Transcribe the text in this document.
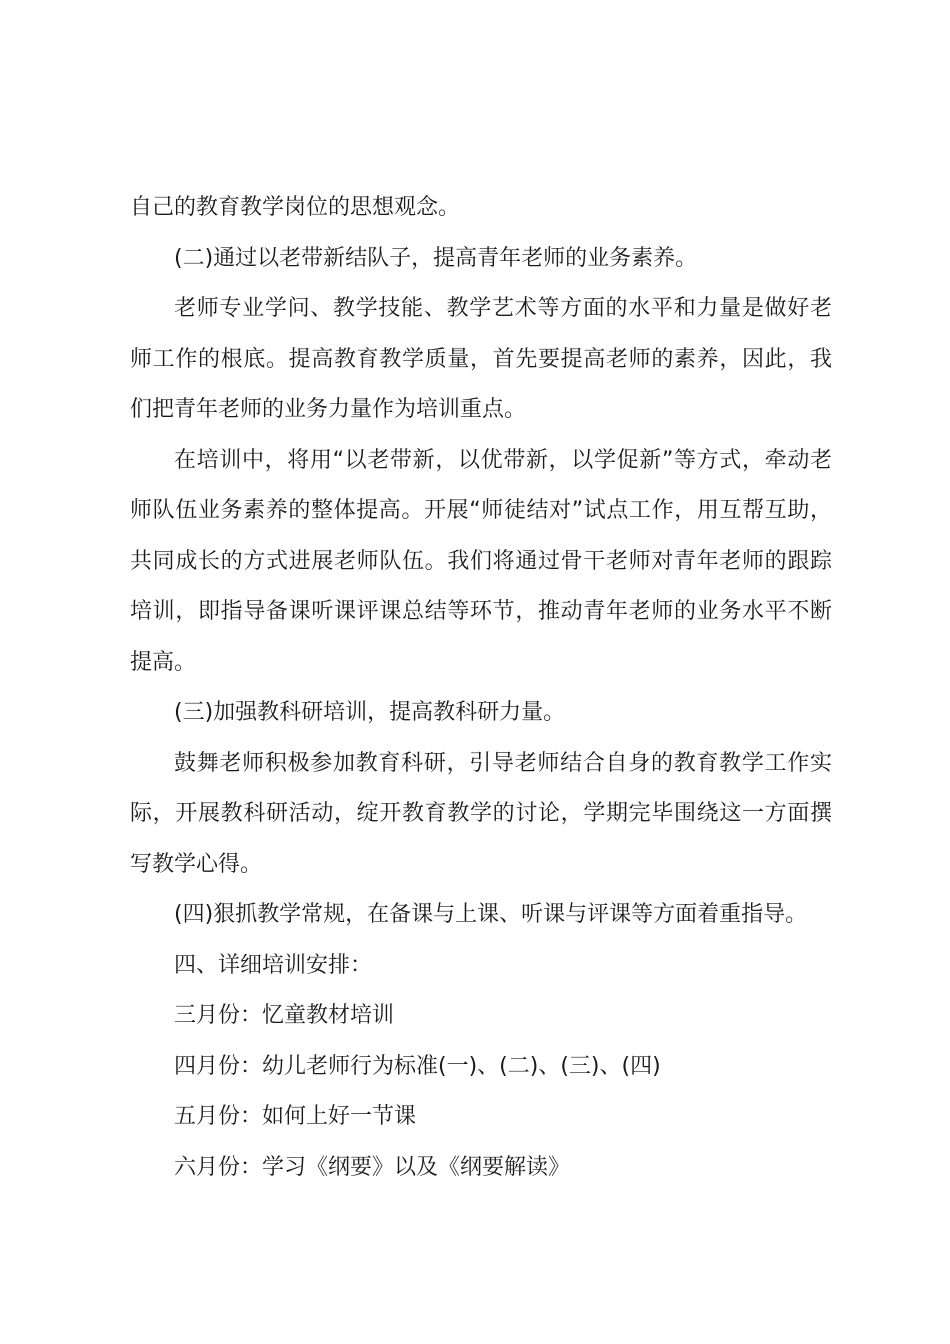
自己的教育教学岗位的思想观念。

(二)通过以老带新结队子，提高青年老师的业务素养。

老师专业学问、教学技能、教学艺术等方面的水平和力量是做好老师工作的根底。提高教育教学质量，首先要提高老师的素养，因此，我们把青年老师的业务力量作为培训重点。

在培训中，将用“以老带新，以优带新，以学促新”等方式，牵动老师队伍业务素养的整体提高。开展“师徒结对”试点工作，用互帮互助，共同成长的方式进展老师队伍。我们将通过骨干老师对青年老师的跟踪培训，即指导备课听课评课总结等环节，推动青年老师的业务水平不断提高。

(三)加强教科研培训，提高教科研力量。

鼓舞老师积极参加教育科研，引导老师结合自身的教育教学工作实际，开展教科研活动，绽开教育教学的讨论，学期完毕围绕这一方面撰写教学心得。

(四)狠抓教学常规，在备课与上课、听课与评课等方面着重指导。

四、详细培训安排：

三月份：忆童教材培训

四月份：幼儿老师行为标准(一)、(二)、(三)、(四)

五月份：如何上好一节课

六月份：学习《纲要》以及《纲要解读》
